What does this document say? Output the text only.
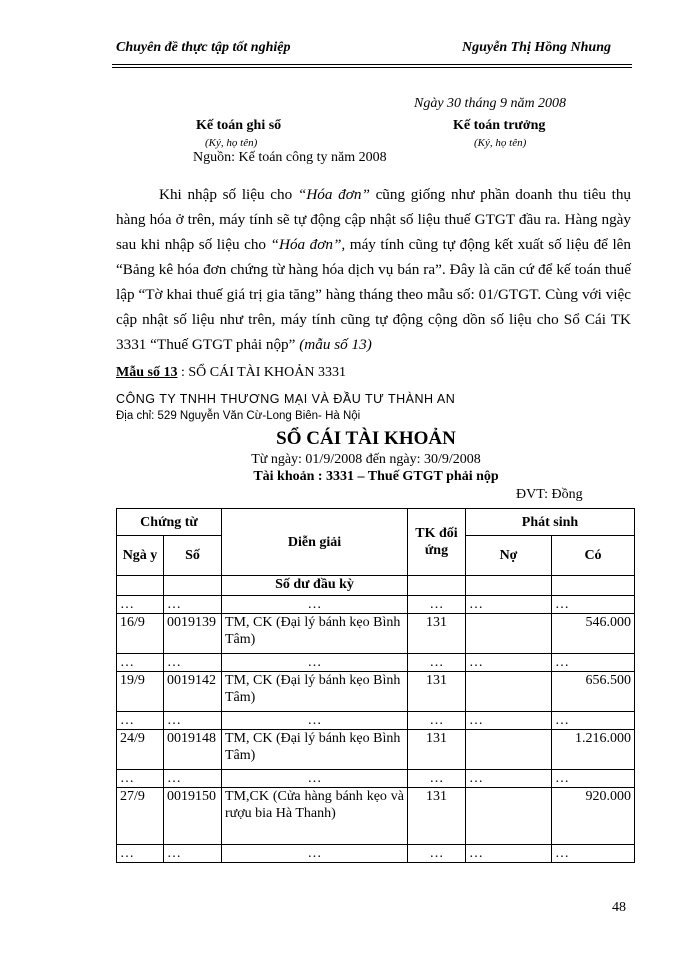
Chuyên đề thực tập tốt nghiệp	Nguyễn Thị Hồng Nhung
Ngày 30 tháng 9 năm 2008
Kế toán ghi sổ
(Ký, họ tên)
Kế toán trưởng
(Ký, họ tên)
Nguồn: Kế toán công ty năm 2008

Khi nhập số liệu cho “Hóa đơn” cũng giống như phần doanh thu tiêu thụ hàng hóa ở trên, máy tính sẽ tự động cập nhật số liệu thuế GTGT đầu ra. Hàng ngày sau khi nhập số liệu cho “Hóa đơn”, máy tính cũng tự động kết xuất số liệu để lên “Bảng kê hóa đơn chứng từ hàng hóa dịch vụ bán ra”. Đây là căn cứ để kế toán thuế lập “Tờ khai thuế giá trị gia tăng” hàng tháng theo mẫu số: 01/GTGT. Cùng với việc cập nhật số liệu như trên, máy tính cũng tự động cộng dồn số liệu cho Sổ Cái TK 3331 “Thuế GTGT phải nộp” (mẫu số 13)

Mẫu số 13 : SỔ CÁI TÀI KHOẢN 3331
CÔNG TY TNHH THƯƠNG MẠI VÀ ĐẦU TƯ THÀNH AN
Địa chỉ: 529 Nguyễn Văn Cừ-Long Biên- Hà Nội
SỔ CÁI TÀI KHOẢN
Từ ngày: 01/9/2008 đến ngày: 30/9/2008
Tài khoản : 3331 – Thuế GTGT phải nộp
ĐVT: Đồng
Chứng từ		Diễn giải	TK đối ứng	Phát sinh	
Ngà y	Số			Nợ	Có
		Số dư đầu kỳ			
…	…	…	…	…	…
16/9	0019139	TM, CK (Đại lý bánh kẹo Bình Tâm)	131		546.000
…	…	…	…	…	…
19/9	0019142	TM, CK (Đại lý bánh kẹo Bình Tâm)	131		656.500
…	…	…	…	…	…
24/9	0019148	TM, CK (Đại lý bánh kẹo Bình Tâm)	131		1.216.000
…	…	…	…	…	…
27/9	0019150	TM,CK (Cửa hàng bánh kẹo và rượu bia Hà Thanh)	131		920.000
…	…	…	…	…	…
48
